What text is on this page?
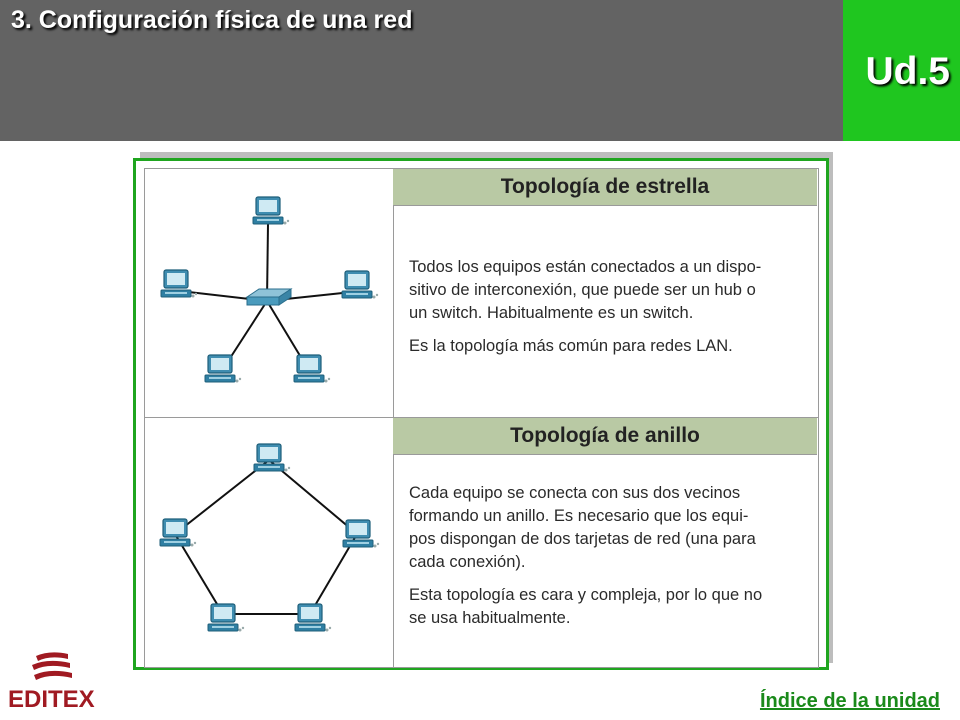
3. Configuración física de una red
Ud.5
Topología de estrella

Todos los equipos están conectados a un dispo-
sitivo de interconexión, que puede ser un hub o
un switch. Habitualmente es un switch.

Es la topología más común para redes LAN.

Topología de anillo

Cada equipo se conecta con sus dos vecinos
formando un anillo. Es necesario que los equi-
pos dispongan de dos tarjetas de red (una para
cada conexión).

Esta topología es cara y compleja, por lo que no
se usa habitualmente.

EDITEX	Índice de la unidad
